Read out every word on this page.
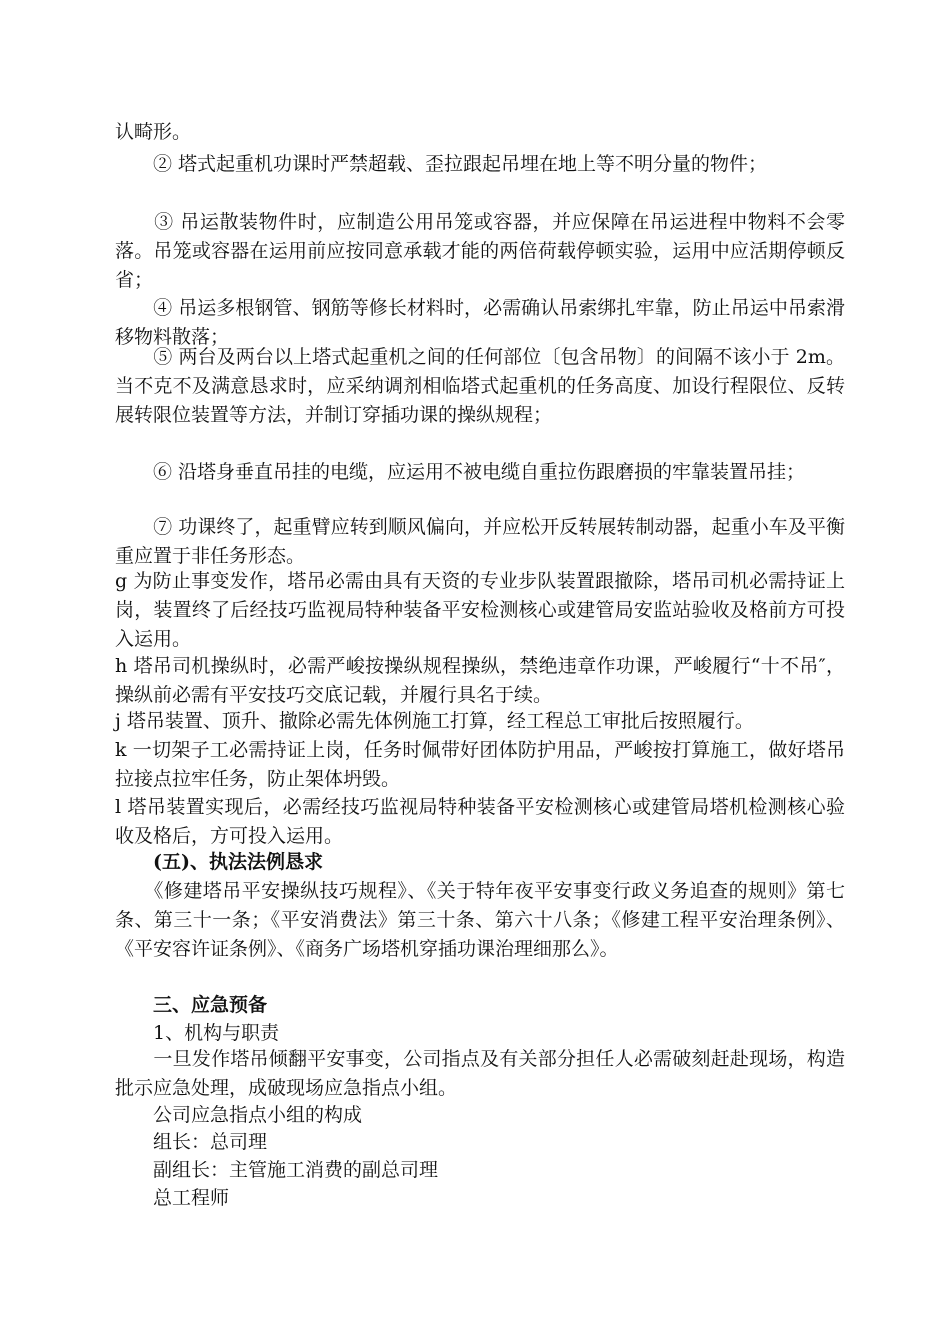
认畸形。

　　② 塔式起重机功课时严禁超载、歪拉跟起吊埋在地上等不明分量的物件；

　　③ 吊运散装物件时，应制造公用吊笼或容器，并应保障在吊运进程中物料不会零落。吊笼或容器在运用前应按同意承载才能的两倍荷载停顿实验，运用中应活期停顿反省；

　　④ 吊运多根钢管、钢筋等修长材料时，必需确认吊索绑扎牢靠，防止吊运中吊索滑移物料散落；

　　⑤ 两台及两台以上塔式起重机之间的任何部位〔包含吊物〕的间隔不该小于 2m。当不克不及满意恳求时，应采纳调剂相临塔式起重机的任务高度、加设行程限位、反转展转限位装置等方法，并制订穿插功课的操纵规程；

　　⑥ 沿塔身垂直吊挂的电缆，应运用不被电缆自重拉伤跟磨损的牢靠装置吊挂；

　　⑦ 功课终了，起重臂应转到顺风偏向，并应松开反转展转制动器，起重小车及平衡重应置于非任务形态。

g 为防止事变发作，塔吊必需由具有天资的专业步队装置跟撤除，塔吊司机必需持证上岗，装置终了后经技巧监视局特种装备平安检测核心或建管局安监站验收及格前方可投入运用。

h 塔吊司机操纵时，必需严峻按操纵规程操纵，禁绝违章作功课，严峻履行“十不吊″，操纵前必需有平安技巧交底记载，并履行具名于续。

j 塔吊装置、顶升、撤除必需先体例施工打算，经工程总工审批后按照履行。

k 一切架子工必需持证上岗，任务时佩带好团体防护用品，严峻按打算施工，做好塔吊拉接点拉牢任务，防止架体坍毁。

l 塔吊装置实现后，必需经技巧监视局特种装备平安检测核心或建管局塔机检测核心验收及格后，方可投入运用。

　　(五)、执法法例恳求

　　《修建塔吊平安操纵技巧规程》、《关于特年夜平安事变行政义务追查的规则》第七条、第三十一条；《平安消费法》第三十条、第六十八条；《修建工程平安治理条例》、《平安容许证条例》、《商务广场塔机穿插功课治理细那么》。

　　三、应急预备

　　1、机构与职责

　　一旦发作塔吊倾翻平安事变，公司指点及有关部分担任人必需破刻赶赴现场，构造批示应急处理，成破现场应急指点小组。

　　公司应急指点小组的构成

　　组长：总司理

　　副组长：主管施工消费的副总司理

　　总工程师
